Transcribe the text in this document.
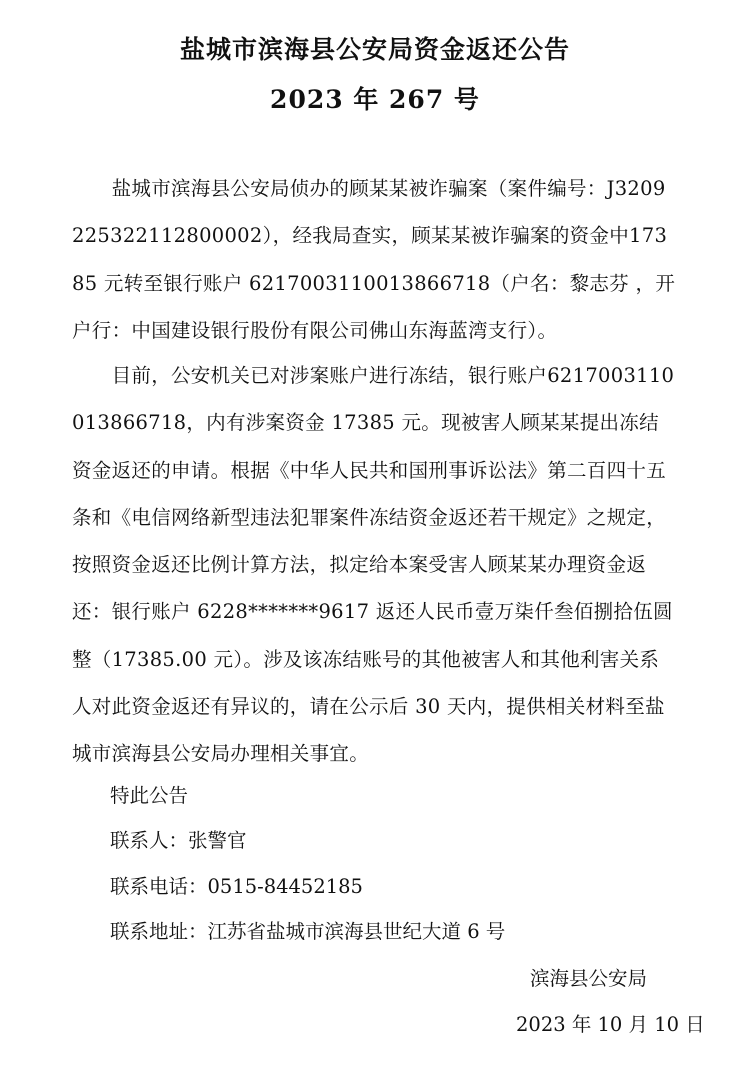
盐城市滨海县公安局资金返还公告
2023 年 267 号
　　盐城市滨海县公安局侦办的顾某某被诈骗案（案件编号：J3209225322112800002），经我局查实，顾某某被诈骗案的资金中17385 元转至银行账户 6217003110013866718（户名：黎志芬 ，开户行：中国建设银行股份有限公司佛山东海蓝湾支行）。
　　目前，公安机关已对涉案账户进行冻结，银行账户6217003110013866718，内有涉案资金 17385 元。现被害人顾某某提出冻结资金返还的申请。根据《中华人民共和国刑事诉讼法》第二百四十五条和《电信网络新型违法犯罪案件冻结资金返还若干规定》之规定，按照资金返还比例计算方法，拟定给本案受害人顾某某办理资金返还：银行账户 6228*******9617 返还人民币壹万柒仟叁佰捌拾伍圆整（17385.00 元）。涉及该冻结账号的其他被害人和其他利害关系人对此资金返还有异议的，请在公示后 30 天内，提供相关材料至盐城市滨海县公安局办理相关事宜。
特此公告
联系人：张警官
联系电话：0515-84452185
联系地址：江苏省盐城市滨海县世纪大道 6 号
滨海县公安局
2023 年 10 月 10 日
